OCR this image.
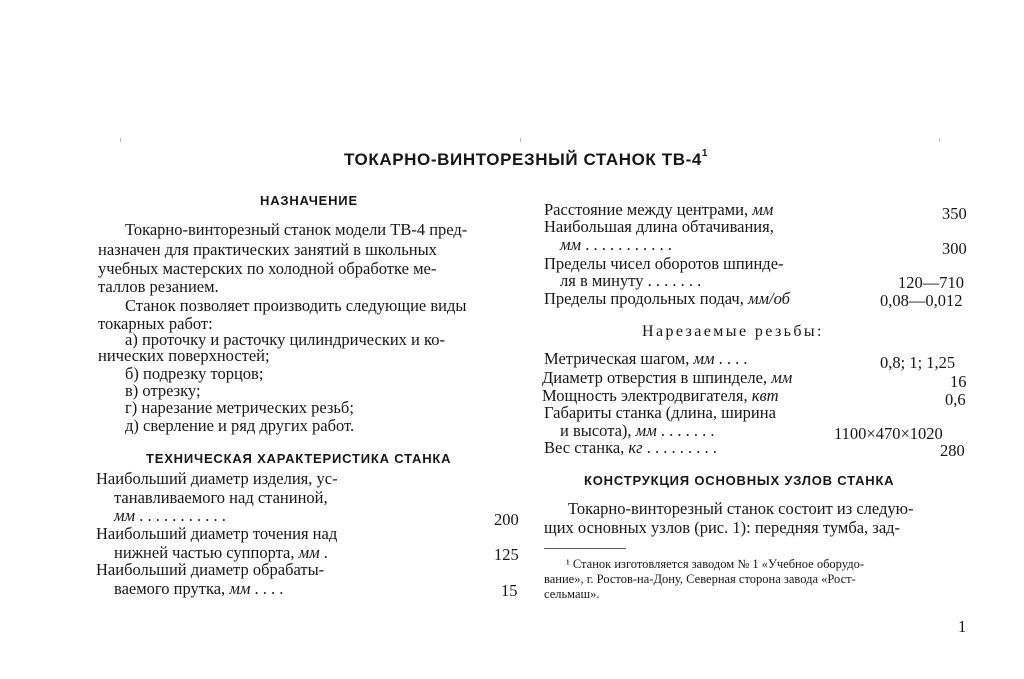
ТОКАРНО-ВИНТОРЕЗНЫЙ СТАНОК $ТВ-4^1$
НАЗНАЧЕНИЕ
Токарно-винторезный станок модели ТВ-4 пред-
назначен для практических занятий в школьных
учебных мастерских по холодной обработке ме-
таллов резанием.
Станок позволяет производить следующие виды
токарных работ:
а) проточку и расточку цилиндрических и ко-
нических поверхностей;
б) подрезку торцов;
в) отрезку;
г) нарезание метрических резьб;
д) сверление и ряд других работ.
ТЕХНИЧЕСКАЯ ХАРАКТЕРИСТИКА СТАНКА
Наибольший диаметр изделия, ус-
танавливаемого над станиной,
мм . . . . . . . . . . .	200
Наибольший диаметр точения над
нижней частью суппорта, мм .	125
Наибольший диаметр обрабаты-
ваемого прутка, мм . . . .	15
Расстояние между центрами, мм	350
Наибольшая длина обтачивания,
мм . . . . . . . . . . .	300
Пределы чисел оборотов шпинде-
ля в минуту . . . . . . .	120—710
Пределы продольных подач, мм/об	0,08—0,012
Нарезаемые резьбы:
Метрическая шагом, мм . . . .	0,8; 1; 1,25
Диаметр отверстия в шпинделе, мм	16
Мощность электродвигателя, квт	0,6
Габариты станка (длина, ширина
и высота), мм . . . . . . .	1100×470×1020
Вес станка, кг . . . . . . . . .	280
КОНСТРУКЦИЯ ОСНОВНЫХ УЗЛОВ СТАНКА
Токарно-винторезный станок состоит из следую-
щих основных узлов (рис. 1): передняя тумба, зад-
¹ Станок изготовляется заводом № 1 «Учебное оборудо-
вание», г. Ростов-на-Дону, Северная сторона завода «Рост-
сельмаш».
1
